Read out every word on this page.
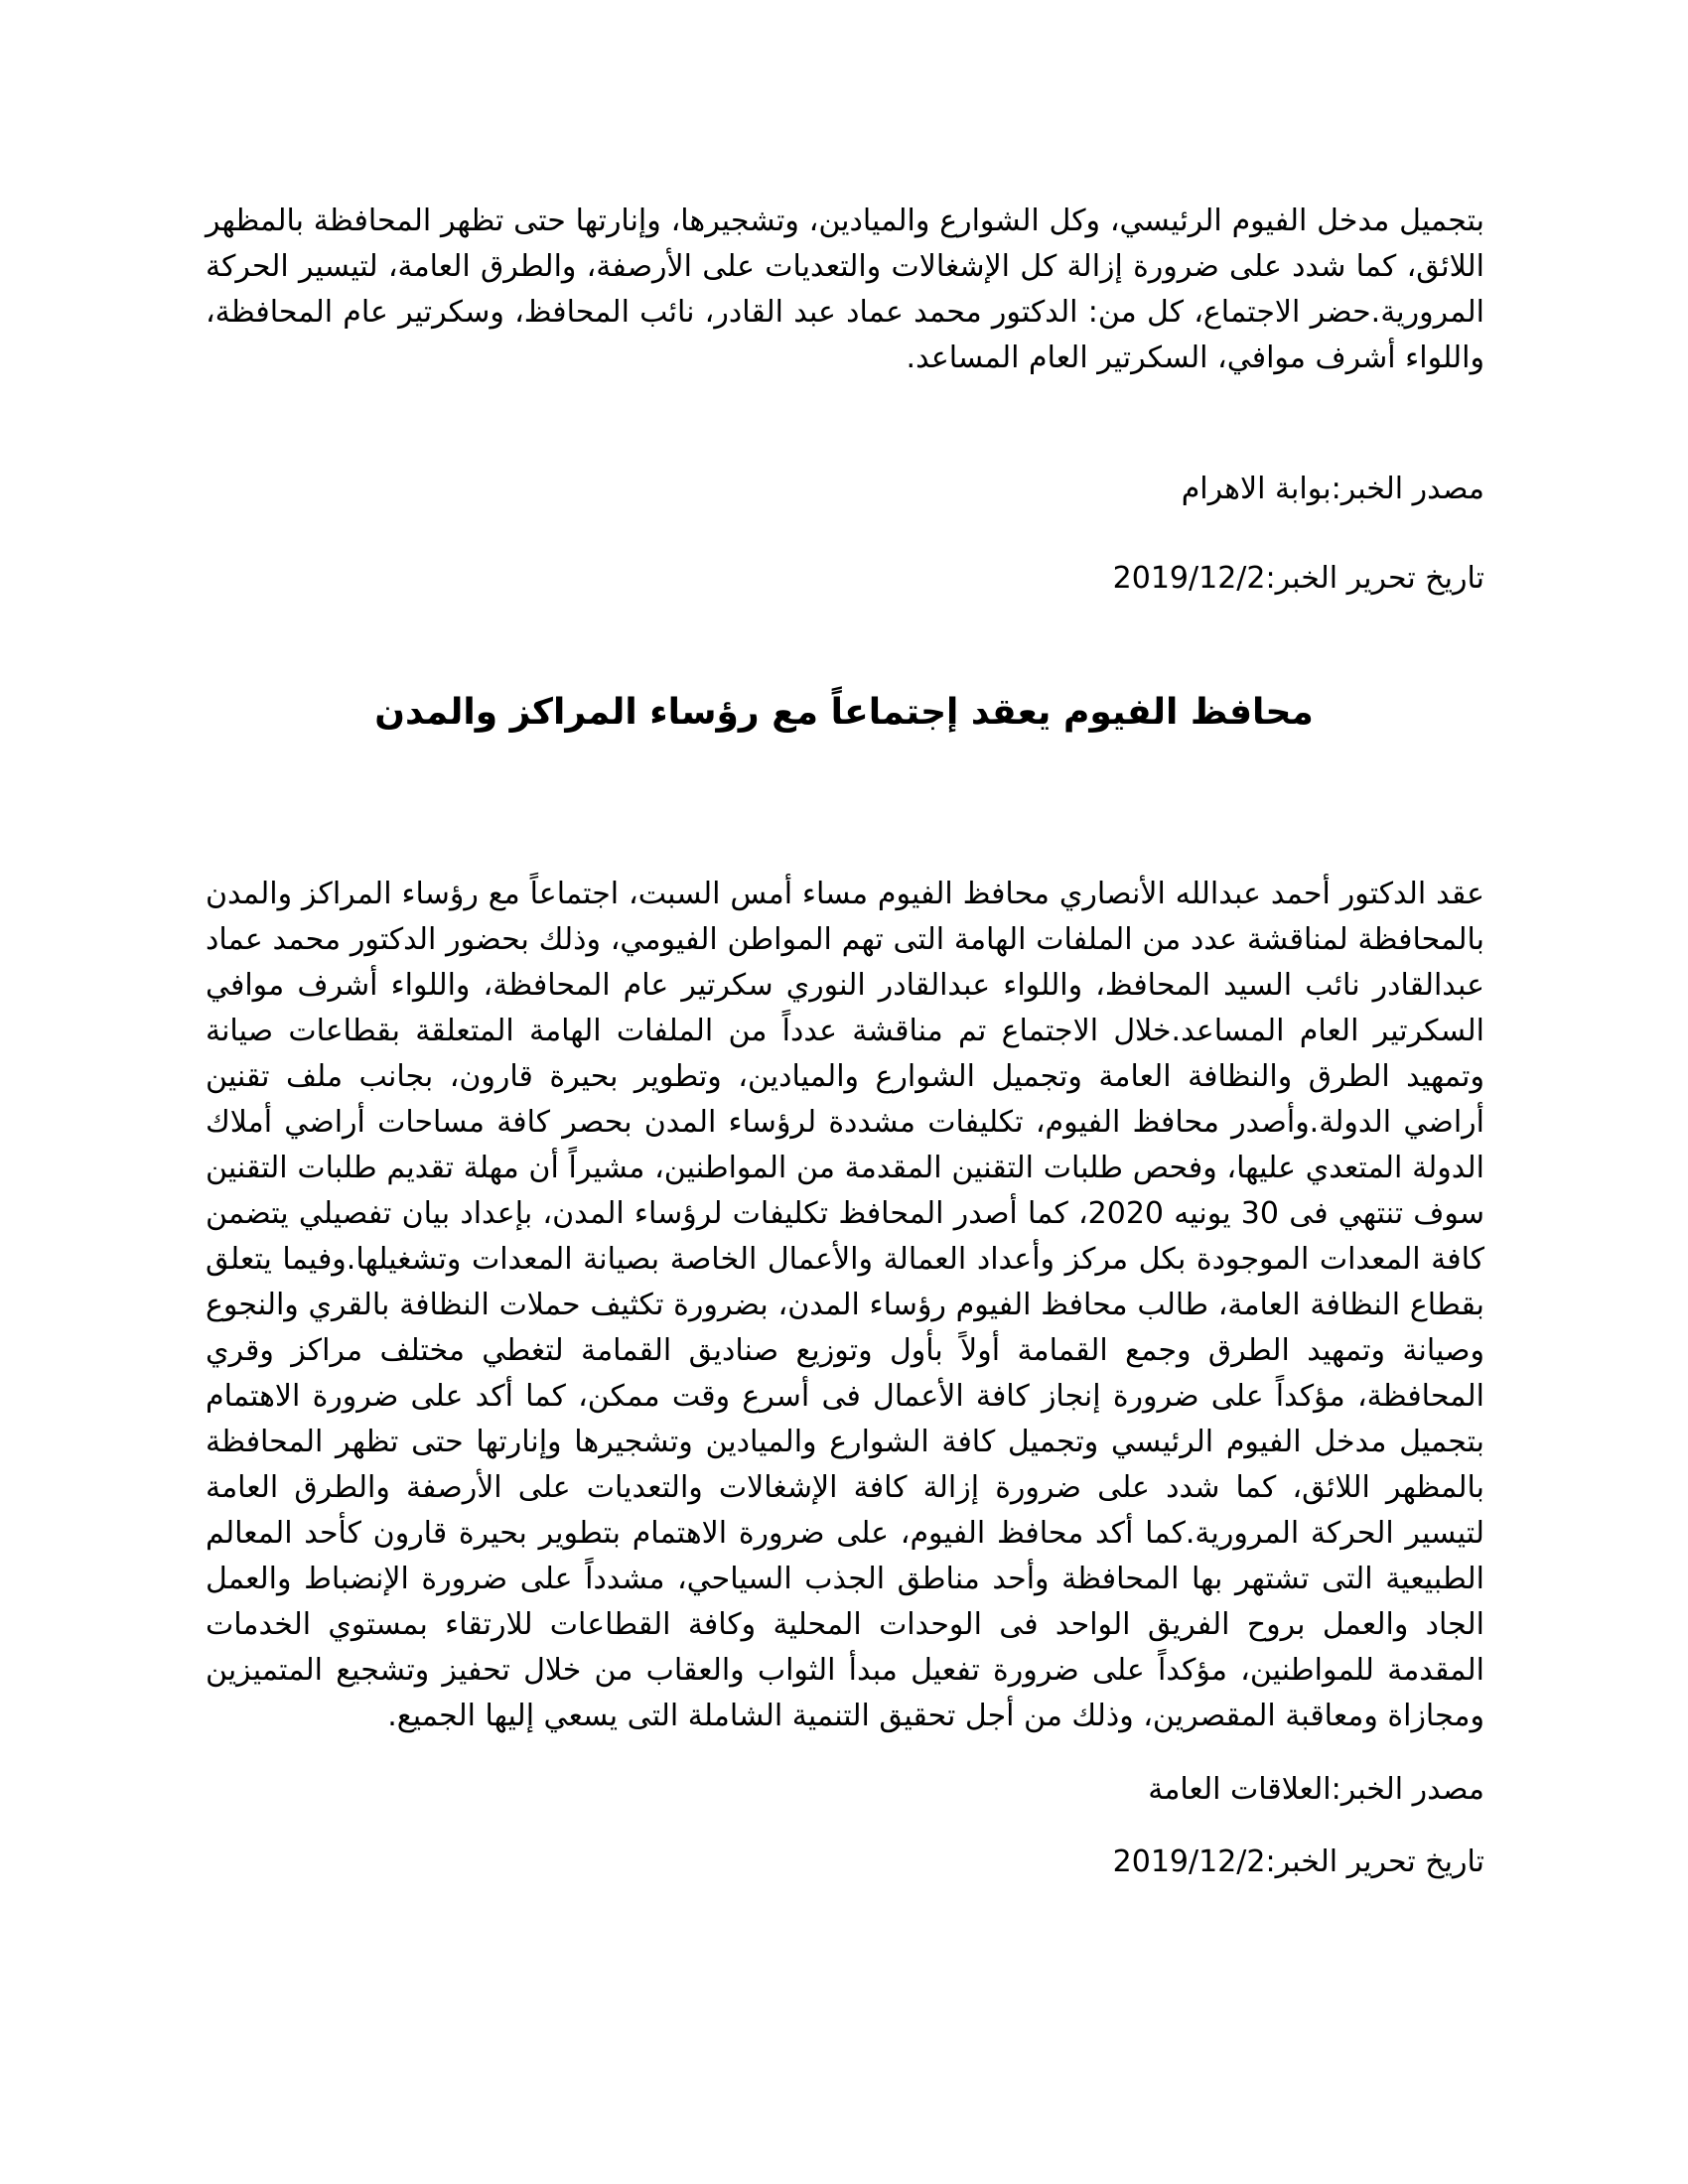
بتجميل مدخل الفيوم الرئيسي، وكل الشوارع والميادين، وتشجيرها، وإنارتها حتى تظهر المحافظة بالمظهر اللائق، كما شدد على ضرورة إزالة كل الإشغالات والتعديات على الأرصفة، والطرق العامة، لتيسير الحركة المرورية.حضر الاجتماع، كل من: الدكتور محمد عماد عبد القادر، نائب المحافظ، وسكرتير عام المحافظة، واللواء أشرف موافي، السكرتير العام المساعد.

مصدر الخبر:بوابة الاهرام

تاريخ تحرير الخبر:2019/12/2

محافظ الفيوم يعقد إجتماعاً مع رؤساء المراكز والمدن

عقد الدكتور أحمد عبدالله الأنصاري محافظ الفيوم مساء أمس السبت، اجتماعاً مع رؤساء المراكز والمدن بالمحافظة لمناقشة عدد من الملفات الهامة التى تهم المواطن الفيومي، وذلك بحضور الدكتور محمد عماد عبدالقادر نائب السيد المحافظ، واللواء عبدالقادر النوري سكرتير عام المحافظة، واللواء أشرف موافي السكرتير العام المساعد.خلال الاجتماع تم مناقشة عدداً من الملفات الهامة المتعلقة بقطاعات صيانة وتمهيد الطرق والنظافة العامة وتجميل الشوارع والميادين، وتطوير بحيرة قارون، بجانب ملف تقنين أراضي الدولة.وأصدر محافظ الفيوم، تكليفات مشددة لرؤساء المدن بحصر كافة مساحات أراضي أملاك الدولة المتعدي عليها، وفحص طلبات التقنين المقدمة من المواطنين، مشيراً أن مهلة تقديم طلبات التقنين سوف تنتهي فى 30 يونيه 2020، كما أصدر المحافظ تكليفات لرؤساء المدن، بإعداد بيان تفصيلي يتضمن كافة المعدات الموجودة بكل مركز وأعداد العمالة والأعمال الخاصة بصيانة المعدات وتشغيلها.وفيما يتعلق بقطاع النظافة العامة، طالب محافظ الفيوم رؤساء المدن، بضرورة تكثيف حملات النظافة بالقري والنجوع وصيانة وتمهيد الطرق وجمع القمامة أولاً بأول وتوزيع صناديق القمامة لتغطي مختلف مراكز وقري المحافظة، مؤكداً على ضرورة إنجاز كافة الأعمال فى أسرع وقت ممكن، كما أكد على ضرورة الاهتمام بتجميل مدخل الفيوم الرئيسي وتجميل كافة الشوارع والميادين وتشجيرها وإنارتها حتى تظهر المحافظة بالمظهر اللائق، كما شدد على ضرورة إزالة كافة الإشغالات والتعديات على الأرصفة والطرق العامة لتيسير الحركة المرورية.كما أكد محافظ الفيوم، على ضرورة الاهتمام بتطوير بحيرة قارون كأحد المعالم الطبيعية التى تشتهر بها المحافظة وأحد مناطق الجذب السياحي، مشدداً على ضرورة الإنضباط والعمل الجاد والعمل بروح الفريق الواحد فى الوحدات المحلية وكافة القطاعات للارتقاء بمستوي الخدمات المقدمة للمواطنين، مؤكداً على ضرورة تفعيل مبدأ الثواب والعقاب من خلال تحفيز وتشجيع المتميزين ومجازاة ومعاقبة المقصرين، وذلك من أجل تحقيق التنمية الشاملة التى يسعي إليها الجميع.

مصدر الخبر:العلاقات العامة

تاريخ تحرير الخبر:2019/12/2
